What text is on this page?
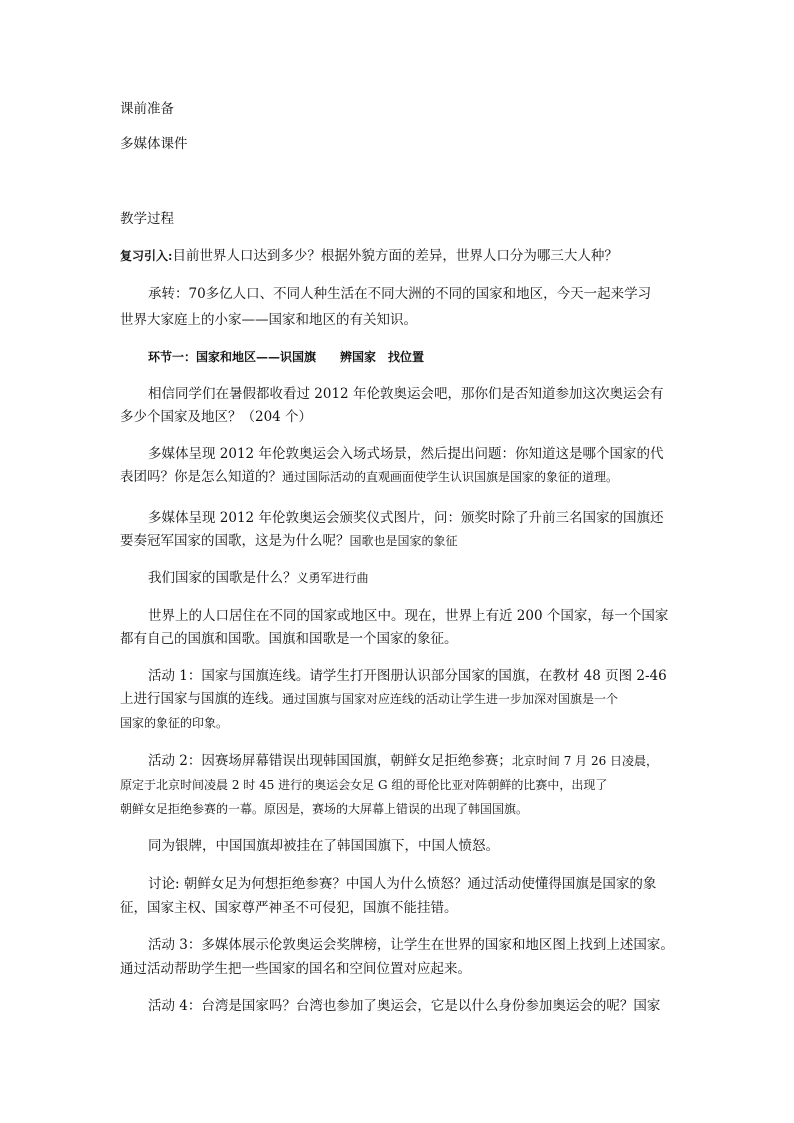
课前准备
多媒体课件
教学过程
复习引入:目前世界人口达到多少？根据外貌方面的差异，世界人口分为哪三大人种？
承转：70多亿人口、不同人种生活在不同大洲的不同的国家和地区，今天一起来学习
世界大家庭上的小家——国家和地区的有关知识。
环节一：国家和地区——识国旗　　辨国家　找位置
相信同学们在暑假都收看过 2012 年伦敦奥运会吧，那你们是否知道参加这次奥运会有
多少个国家及地区？（204 个）
多媒体呈现 2012 年伦敦奥运会入场式场景，然后提出问题：你知道这是哪个国家的代
表团吗？你是怎么知道的？通过国际活动的直观画面使学生认识国旗是国家的象征的道理。
多媒体呈现 2012 年伦敦奥运会颁奖仪式图片，问：颁奖时除了升前三名国家的国旗还
要奏冠军国家的国歌，这是为什么呢？国歌也是国家的象征
我们国家的国歌是什么？义勇军进行曲
世界上的人口居住在不同的国家或地区中。现在，世界上有近 200 个国家，每一个国家
都有自己的国旗和国歌。国旗和国歌是一个国家的象征。
活动 1：国家与国旗连线。请学生打开图册认识部分国家的国旗，在教材 48 页图 2-46
上进行国家与国旗的连线。通过国旗与国家对应连线的活动让学生进一步加深对国旗是一个
国家的象征的印象。
活动 2：因赛场屏幕错误出现韩国国旗，朝鲜女足拒绝参赛；北京时间 7 月 26 日凌晨，
原定于北京时间凌晨 2 时 45 进行的奥运会女足 G 组的哥伦比亚对阵朝鲜的比赛中，出现了
朝鲜女足拒绝参赛的一幕。原因是，赛场的大屏幕上错误的出现了韩国国旗。
同为银牌，中国国旗却被挂在了韩国国旗下，中国人愤怒。
讨论: 朝鲜女足为何想拒绝参赛？中国人为什么愤怒？通过活动使懂得国旗是国家的象
征，国家主权、国家尊严神圣不可侵犯，国旗不能挂错。
活动 3：多媒体展示伦敦奥运会奖牌榜，让学生在世界的国家和地区图上找到上述国家。
通过活动帮助学生把一些国家的国名和空间位置对应起来。
活动 4：台湾是国家吗？台湾也参加了奥运会，它是以什么身份参加奥运会的呢？国家
